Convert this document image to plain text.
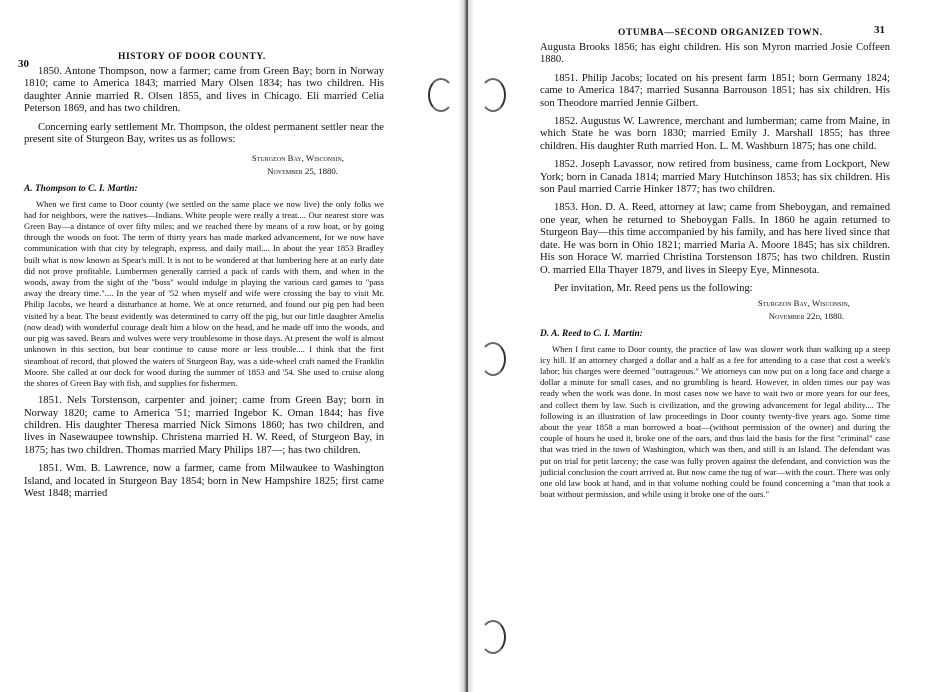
30
HISTORY OF DOOR COUNTY.

1850. Antone Thompson, now a farmer; came from Green Bay; born in Norway 1810; came to America 1843; married Mary Olsen 1834; has two children. His daughter Annie married R. Olsen 1855, and lives in Chicago. Eli married Celia Peterson 1869, and has two children.

Concerning early settlement Mr. Thompson, the oldest permanent settler near the present site of Sturgeon Bay, writes us as follows:

Sturgeon Bay, Wisconsin,
November 25, 1880.
A. Thompson to C. I. Martin:

When we first came to Door county (we settled on the same place we now live) the only folks we had for neighbors, were the natives—Indians. White people were really a treat.... Our nearest store was Green Bay—a distance of over fifty miles; and we reached there by means of a row boat, or by going through the woods on foot. The term of thirty years has made marked advancement, for we now have communication with that city by telegraph, express, and daily mail.... In about the year 1853 Bradley built what is now known as Spear's mill. It is not to be wondered at that lumbering here at an early date did not prove profitable. Lumbermen generally carried a pack of cards with them, and when in the woods, away from the sight of the "boss" would indulge in playing the various card games to "pass away the dreary time.".... In the year of '52 when myself and wife were crossing the bay to visit Mr. Philip Jacobs, we heard a disturbance at home. We at once returned, and found our pig pen had been visited by a bear. The beast evidently was determined to carry off the pig, but our little daughter Amelia (now dead) with wonderful courage dealt him a blow on the head, and he made off into the woods, and our pig was saved. Bears and wolves were very troublesome in those days. At present the wolf is almost unknown in this section, but bear continue to cause more or less trouble.... I think that the first steamboat of record, that plowed the waters of Sturgeon Bay, was a side-wheel craft named the Franklin Moore. She called at our dock for wood during the summer of 1853 and '54. She used to cruise along the shores of Green Bay with fish, and supplies for fishermen.

1851. Nels Torstenson, carpenter and joiner; came from Green Bay; born in Norway 1820; came to America '51; married Ingebor K. Oman 1844; has five children. His daughter Theresa married Nick Simons 1860; has two children, and lives in Nasewaupee township. Christena married H. W. Reed, of Sturgeon Bay, in 1875; has two children. Thomas married Mary Philips 187—; has two children.

1851. Wm. B. Lawrence, now a farmer, came from Milwaukee to Washington Island, and located in Sturgeon Bay 1854; born in New Hampshire 1825; first came West 1848; married

OTUMBA—SECOND ORGANIZED TOWN.	31

Augusta Brooks 1856; has eight children. His son Myron married Josie Coffeen 1880.

1851. Philip Jacobs; located on his present farm 1851; born Germany 1824; came to America 1847; married Susanna Barrouson 1851; has six children. His son Theodore married Jennie Gilbert.

1852. Augustus W. Lawrence, merchant and lumberman; came from Maine, in which State he was born 1830; married Emily J. Marshall 1855; has three children. His daughter Ruth married Hon. L. M. Washburn 1875; has one child.

1852. Joseph Lavassor, now retired from business, came from Lockport, New York; born in Canada 1814; married Mary Hutchinson 1853; has six children. His son Paul married Carrie Hinker 1877; has two children.

1853. Hon. D. A. Reed, attorney at law; came from Sheboygan, and remained one year, when he returned to Sheboygan Falls. In 1860 he again returned to Sturgeon Bay—this time accompanied by his family, and has here lived since that date. He was born in Ohio 1821; married Maria A. Moore 1845; has six children. His son Horace W. married Christina Torstenson 1875; has two children. Rustin O. married Ella Thayer 1879, and lives in Sleepy Eye, Minnesota.

Per invitation, Mr. Reed pens us the following:

Sturgeon Bay, Wisconsin,
November 22d, 1880.
D. A. Reed to C. I. Martin:

When I first came to Door county, the practice of law was slower work than walking up a steep icy hill. If an attorney charged a dollar and a half as a fee for attending to a case that cost a week's labor; his charges were deemed "outrageous." We attorneys can now put on a long face and charge a dollar a minute for small cases, and no grumbling is heard. However, in olden times our pay was ready when the work was done. In most cases now we have to wait two or more years for our fees, and collect them by law. Such is civilization, and the growing advancement for legal ability.... The following is an illustration of law proceedings in Door county twenty-five years ago. Some time about the year 1858 a man borrowed a boat—(without permission of the owner) and during the couple of hours he used it, broke one of the oars, and thus laid the basis for the first "criminal" case that was tried in the town of Washington, which was then, and still is an Island. The defendant was put on trial for petit larceny; the case was fully proven against the defendant, and conviction was the judicial conclusion the court arrived at. But now came the tug of war—with the court. There was only one old law book at hand, and in that volume nothing could be found concerning a "man that took a boat without permission, and while using it broke one of the oars."
